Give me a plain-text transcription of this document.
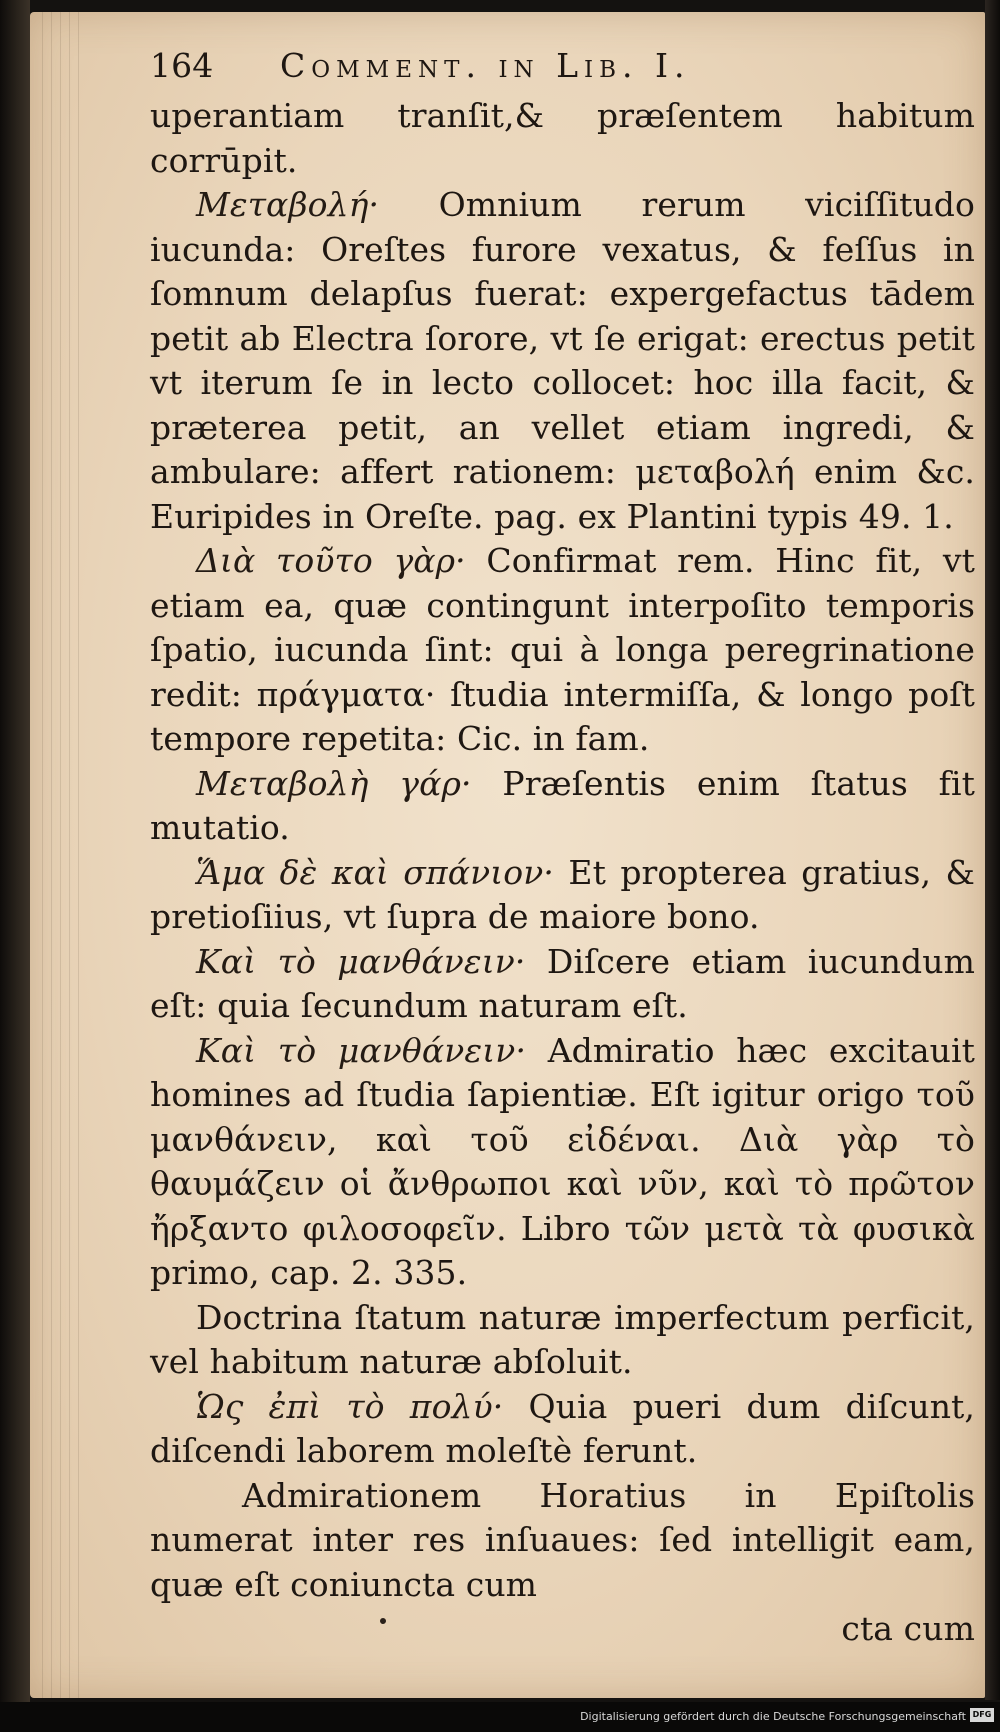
164	Comment. in Lib. I.

uperantiam tranſit,& præſentem habitum corrūpit.

Μεταβολή· Omnium rerum viciſſitudo iucunda: Oreſtes furore vexatus, & feſſus in ſomnum delapſus fuerat: expergefactus tādem petit ab Electra ſorore, vt ſe erigat: erectus petit vt iterum ſe in lecto collocet: hoc illa facit, & præterea petit, an vellet etiam ingredi, & ambulare: affert rationem: μεταβολή enim &c. Euripides in Oreſte. pag. ex Plantini typis 49. 1.

Διὰ τοῦτο γὰρ· Confirmat rem. Hinc fit, vt etiam ea, quæ contingunt interpoſito temporis ſpatio, iucunda ſint: qui à longa peregrinatione redit: πράγματα· ſtudia intermiſſa, & longo poſt tempore repetita: Cic. in fam.

Μεταβολὴ γάρ· Præſentis enim ſtatus fit mutatio.

Ἅμα δὲ καὶ σπάνιον· Et propterea gratius, & pretioſiius, vt ſupra de maiore bono.

Καὶ τὸ μανθάνειν· Diſcere etiam iucundum eſt: quia ſecundum naturam eſt.

Καὶ τὸ μανθάνειν· Admiratio hæc excitauit homines ad ſtudia ſapientiæ. Eſt igitur origo τοῦ μανθάνειν, καὶ τοῦ εἰδέναι. Διὰ γὰρ τὸ θαυμάζειν οἱ ἄνθρωποι καὶ νῦν, καὶ τὸ πρῶτον ἤρξαντο φιλοσοφεῖν. Libro τῶν μετὰ τὰ φυσικὰ primo, cap. 2. 335.

Doctrina ſtatum naturæ imperfectum perficit, vel habitum naturæ abſoluit.

Ὡς ἐπὶ τὸ πολύ· Quia pueri dum diſcunt, diſcendi laborem moleſtè ferunt.

Admirationem Horatius in Epiſtolis numerat inter res inſuaues: ſed intelligit eam, quæ eſt coniuncta cum

cta cum

Digitalisierung gefördert durch die Deutsche Forschungsgemeinschaft DFG
